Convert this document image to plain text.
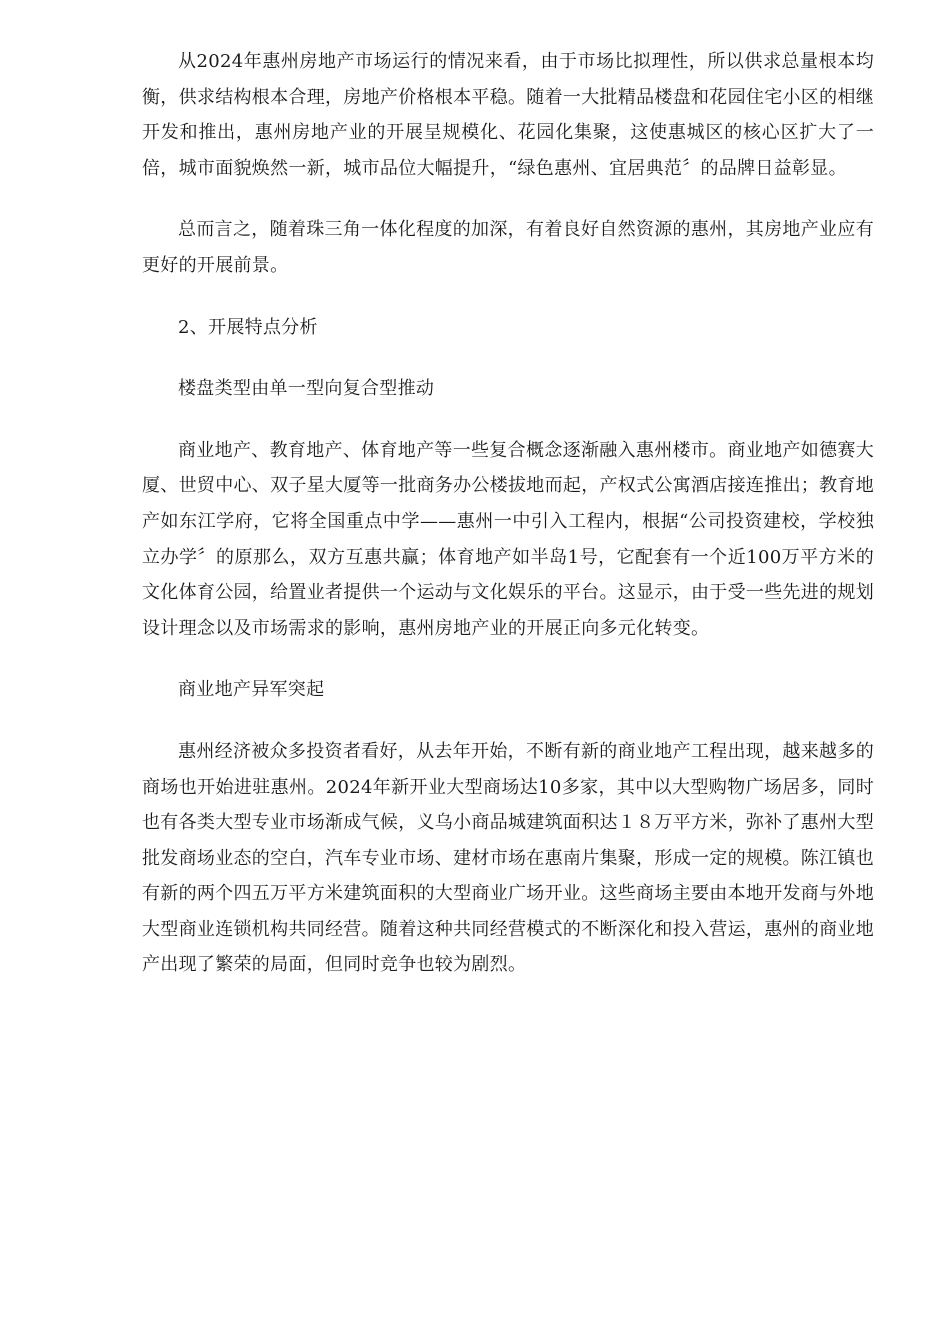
从2024年惠州房地产市场运行的情况来看，由于市场比拟理性，所以供求总量根本均衡，供求结构根本合理，房地产价格根本平稳。随着一大批精品楼盘和花园住宅小区的相继开发和推出，惠州房地产业的开展呈规模化、花园化集聚，这使惠城区的核心区扩大了一倍，城市面貌焕然一新，城市品位大幅提升，“绿色惠州、宜居典范〞的品牌日益彰显。

总而言之，随着珠三角一体化程度的加深，有着良好自然资源的惠州，其房地产业应有更好的开展前景。

2、开展特点分析

楼盘类型由单一型向复合型推动

商业地产、教育地产、体育地产等一些复合概念逐渐融入惠州楼市。商业地产如德赛大厦、世贸中心、双子星大厦等一批商务办公楼拔地而起，产权式公寓酒店接连推出；教育地产如东江学府，它将全国重点中学——惠州一中引入工程内，根据“公司投资建校，学校独立办学〞的原那么，双方互惠共赢；体育地产如半岛1号，它配套有一个近100万平方米的文化体育公园，给置业者提供一个运动与文化娱乐的平台。这显示，由于受一些先进的规划设计理念以及市场需求的影响，惠州房地产业的开展正向多元化转变。

商业地产异军突起

惠州经济被众多投资者看好，从去年开始，不断有新的商业地产工程出现，越来越多的商场也开始进驻惠州。2024年新开业大型商场达10多家，其中以大型购物广场居多，同时也有各类大型专业市场渐成气候，义乌小商品城建筑面积达１８万平方米，弥补了惠州大型批发商场业态的空白，汽车专业市场、建材市场在惠南片集聚，形成一定的规模。陈江镇也有新的两个四五万平方米建筑面积的大型商业广场开业。这些商场主要由本地开发商与外地大型商业连锁机构共同经营。随着这种共同经营模式的不断深化和投入营运，惠州的商业地产出现了繁荣的局面，但同时竞争也较为剧烈。
